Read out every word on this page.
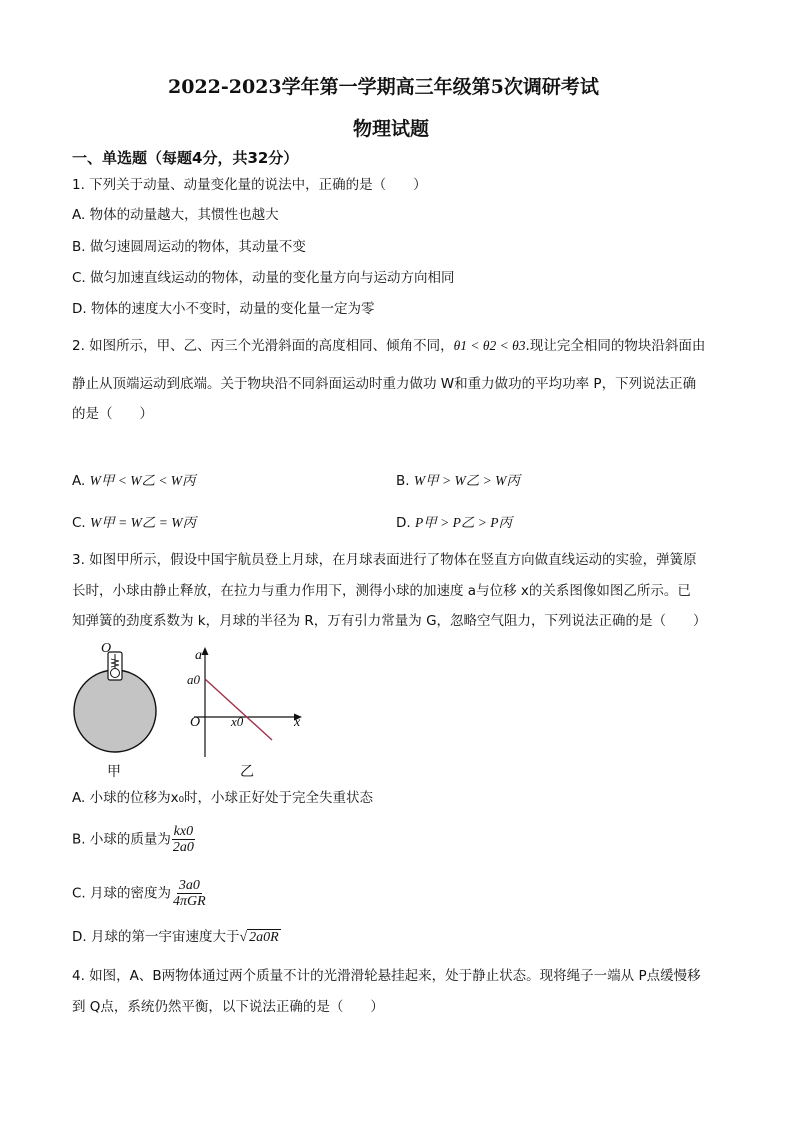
2022-2023学年第一学期高三年级第5次调研考试
物理试题
一、单选题（每题4分，共32分）
1. 下列关于动量、动量变化量的说法中，正确的是（　　）
A. 物体的动量越大，其惯性也越大
B. 做匀速圆周运动的物体，其动量不变
C. 做匀加速直线运动的物体，动量的变化量方向与运动方向相同
D. 物体的速度大小不变时，动量的变化量一定为零
2. 如图所示，甲、乙、丙三个光滑斜面的高度相同、倾角不同，θ1 < θ2 < θ3.现让完全相同的物块沿斜面由
静止从顶端运动到底端。关于物块沿不同斜面运动时重力做功 W和重力做功的平均功率 P，下列说法正确
的是（　　）
A. W甲 < W乙 < W丙	B. W甲 > W乙 > W丙
C. W甲 = W乙 = W丙	D. P甲 > P乙 > P丙
3. 如图甲所示，假设中国宇航员登上月球，在月球表面进行了物体在竖直方向做直线运动的实验，弹簧原
长时，小球由静止释放，在拉力与重力作用下，测得小球的加速度 a与位移 x的关系图像如图乙所示。已
知弹簧的劲度系数为 k，月球的半径为 R，万有引力常量为 G，忽略空气阻力，下列说法正确的是（　　）
O
甲
a
a0
O x0	x
乙
A. 小球的位移为x₀时，小球正好处于完全失重状态
B. 小球的质量为 $\frac{kx0}{2a0}$
C. 月球的密度为 $\frac{3a0}{\text{4πGR}}$
D. 月球的第一宇宙速度大于√ 2a0R
4. 如图，A、B两物体通过两个质量不计的光滑滑轮悬挂起来，处于静止状态。现将绳子一端从 P点缓慢移
到 Q点，系统仍然平衡，以下说法正确的是（　　）
